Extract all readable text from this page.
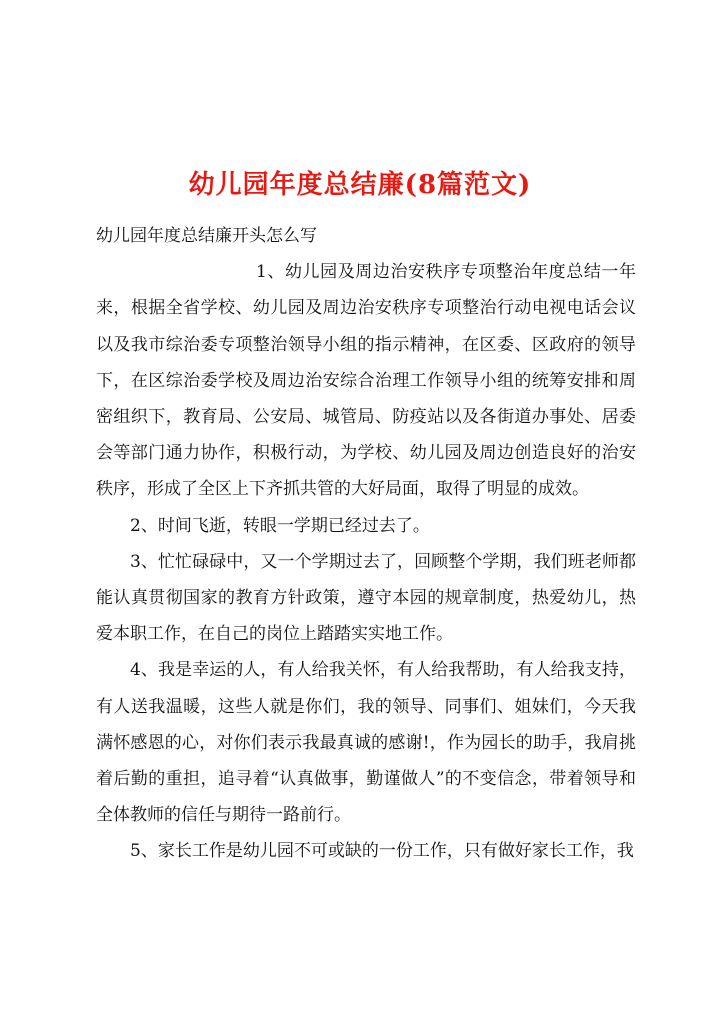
幼儿园年度总结廉(8篇范文)

幼儿园年度总结廉开头怎么写

1、幼儿园及周边治安秩序专项整治年度总结一年来，根据全省学校、幼儿园及周边治安秩序专项整治行动电视电话会议以及我市综治委专项整治领导小组的指示精神，在区委、区政府的领导下，在区综治委学校及周边治安综合治理工作领导小组的统筹安排和周密组织下，教育局、公安局、城管局、防疫站以及各街道办事处、居委会等部门通力协作，积极行动，为学校、幼儿园及周边创造良好的治安秩序，形成了全区上下齐抓共管的大好局面，取得了明显的成效。

2、时间飞逝，转眼一学期已经过去了。

3、忙忙碌碌中，又一个学期过去了，回顾整个学期，我们班老师都能认真贯彻国家的教育方针政策，遵守本园的规章制度，热爱幼儿，热爱本职工作，在自己的岗位上踏踏实实地工作。

4、我是幸运的人，有人给我关怀，有人给我帮助，有人给我支持，有人送我温暖，这些人就是你们，我的领导、同事们、姐妹们，今天我满怀感恩的心，对你们表示我最真诚的感谢!，作为园长的助手，我肩挑着后勤的重担，追寻着“认真做事，勤谨做人”的不变信念，带着领导和全体教师的信任与期待一路前行。

5、家长工作是幼儿园不可或缺的一份工作，只有做好家长工作，我
